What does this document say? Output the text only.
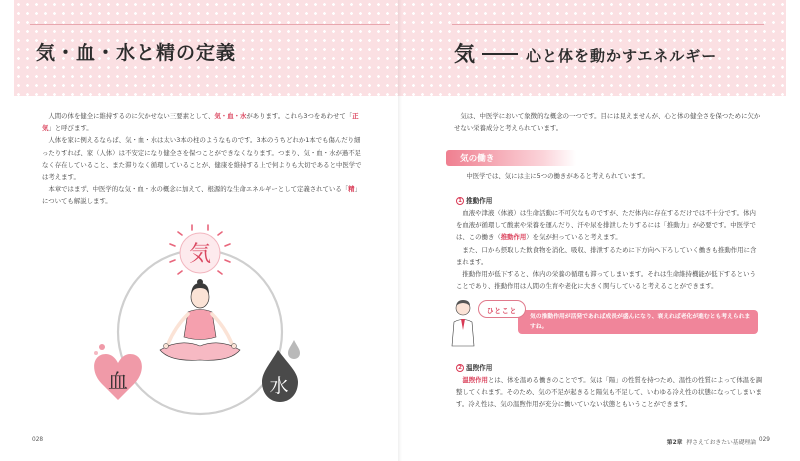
気・血・水と精の定義

人間の体を健全に維持するのに欠かせない三要素として、気・血・水があります。これら3つをあわせて「正気」と呼びます。

人体を家に例えるならば、気・血・水は太い3本の柱のようなものです。3本のうちどれか1本でも傷んだり細ったりすれば、家（人体）は不安定になり健全さを保つことができなくなります。つまり、気・血・水が過不足なく存在していること、また滞りなく循環していることが、健康を維持する上で何よりも大切であると中医学では考えます。

本章ではまず、中医学的な気・血・水の概念に加えて、根源的な生命エネルギーとして定義されている「精」についても解説します。

気
血	水
028
気	心と体を動かすエネルギー

気は、中医学において象徴的な概念の一つです。目には見えませんが、心と体の健全さを保つために欠かせない栄養成分と考えられています。

気の働き

中医学では、気には主に5つの働きがあると考えられています。

1 推動作用

血液や津液（体液）は生命活動に不可欠なものですが、ただ体内に存在するだけでは不十分です。体内を血液が循環して酸素や栄養を運んだり、汗や尿を排泄したりするには「推動力」が必要です。中医学では、この働き（推動作用）を気が担っていると考えます。

また、口から摂取した飲食物を消化、吸収、排泄するために下方向へ下ろしていく働きも推動作用に含まれます。

推動作用が低下すると、体内の栄養の循環も滞ってしまいます。それは生命維持機能が低下するということであり、推動作用は人間の生育や老化に大きく関与していると考えることができます。

気の推動作用が活発であれば成長が盛んになり、衰えれば老化が進むとも考えられますね。
ひとこと
2 温煦作用

温煦作用とは、体を温める働きのことです。気は「陽」の性質を持つため、温性の性質によって体温を調整してくれます。そのため、気の不足が起きると陽気も不足して、いわゆる冷え性の状態になってしまいます。冷え性は、気の温煦作用が充分に働いていない状態ともいうことができます。

第2章 押さえておきたい基礎理論 029
